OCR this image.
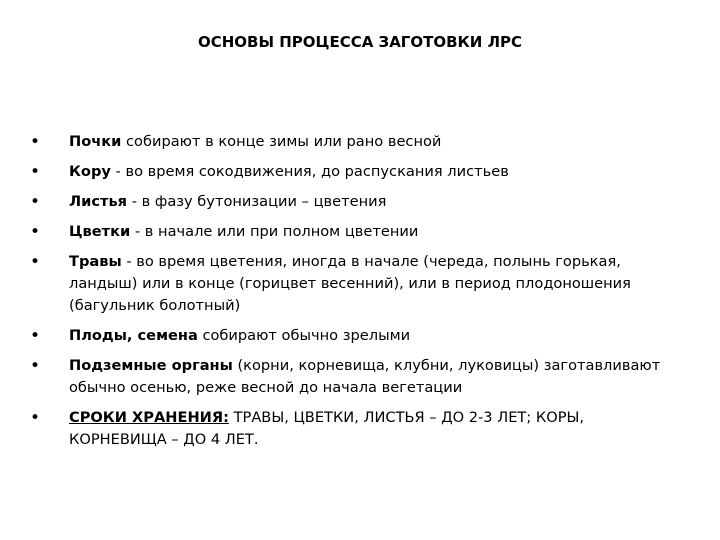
ОСНОВЫ ПРОЦЕССА ЗАГОТОВКИ ЛРС
• Почки собирают в конце зимы или рано весной
• Кору - во время сокодвижения, до распускания листьев
• Листья - в фазу бутонизации – цветения
• Цветки - в начале или при полном цветении
• Травы - во время цветения, иногда в начале (череда, полынь горькая, ландыш) или в конце (горицвет весенний), или в период плодоношения (багульник болотный)
• Плоды, семена собирают обычно зрелыми
• Подземные органы (корни, корневища, клубни, луковицы) заготавливают обычно осенью, реже весной до начала вегетации
• СРОКИ ХРАНЕНИЯ: ТРАВЫ, ЦВЕТКИ, ЛИСТЬЯ – ДО 2-3 ЛЕТ; КОРЫ, КОРНЕВИЩА – ДО 4 ЛЕТ.
